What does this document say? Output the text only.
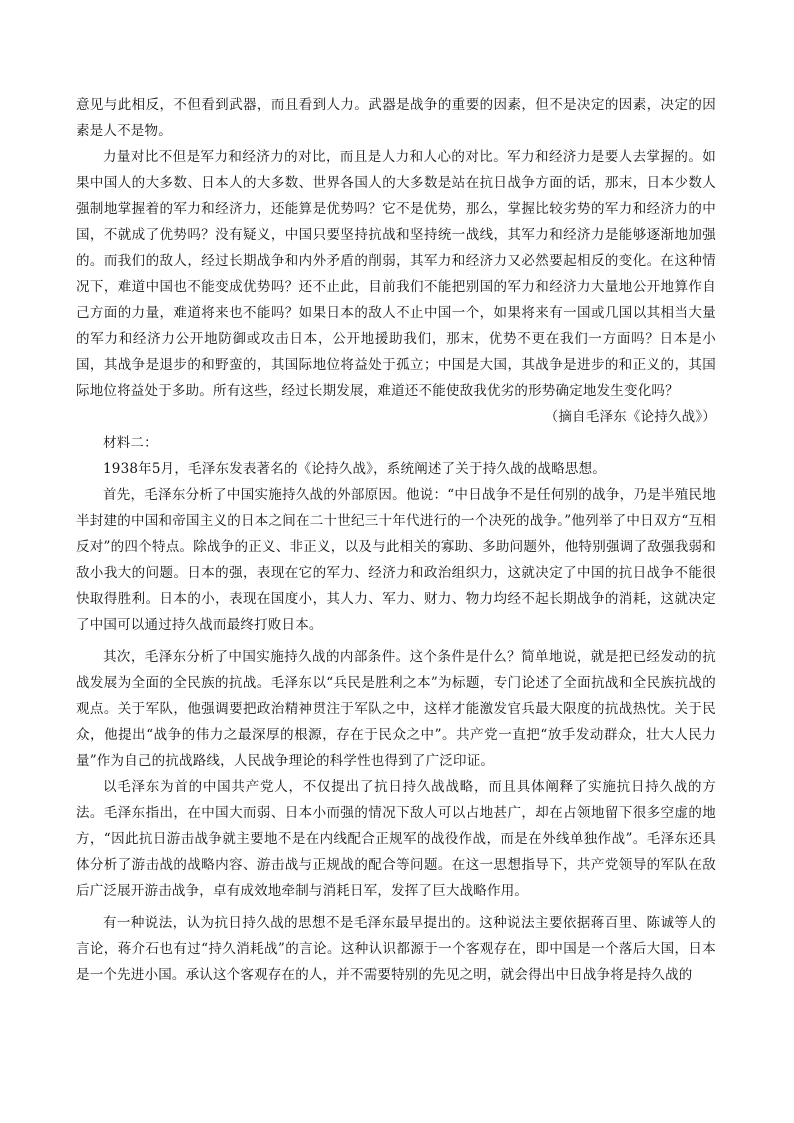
意见与此相反，不但看到武器，而且看到人力。武器是战争的重要的因素，但不是决定的因素，决定的因素是人不是物。

力量对比不但是军力和经济力的对比，而且是人力和人心的对比。军力和经济力是要人去掌握的。如果中国人的大多数、日本人的大多数、世界各国人的大多数是站在抗日战争方面的话，那末，日本少数人强制地掌握着的军力和经济力，还能算是优势吗？它不是优势，那么，掌握比较劣势的军力和经济力的中国，不就成了优势吗？没有疑义，中国只要坚持抗战和坚持统一战线，其军力和经济力是能够逐渐地加强的。而我们的敌人，经过长期战争和内外矛盾的削弱，其军力和经济力又必然要起相反的变化。在这种情况下，难道中国也不能变成优势吗？还不止此，目前我们不能把别国的军力和经济力大量地公开地算作自己方面的力量，难道将来也不能吗？如果日本的敌人不止中国一个，如果将来有一国或几国以其相当大量的军力和经济力公开地防御或攻击日本，公开地援助我们，那末，优势不更在我们一方面吗？日本是小国，其战争是退步的和野蛮的，其国际地位将益处于孤立；中国是大国，其战争是进步的和正义的，其国际地位将益处于多助。所有这些，经过长期发展，难道还不能使敌我优劣的形势确定地发生变化吗？

（摘自毛泽东《论持久战》）

材料二：

1938年5月，毛泽东发表著名的《论持久战》，系统阐述了关于持久战的战略思想。

首先，毛泽东分析了中国实施持久战的外部原因。他说：“中日战争不是任何别的战争，乃是半殖民地半封建的中国和帝国主义的日本之间在二十世纪三十年代进行的一个决死的战争。”他列举了中日双方“互相反对”的四个特点。除战争的正义、非正义，以及与此相关的寡助、多助问题外，他特别强调了敌强我弱和敌小我大的问题。日本的强，表现在它的军力、经济力和政治组织力，这就决定了中国的抗日战争不能很快取得胜利。日本的小，表现在国度小，其人力、军力、财力、物力均经不起长期战争的消耗，这就决定了中国可以通过持久战而最终打败日本。

其次，毛泽东分析了中国实施持久战的内部条件。这个条件是什么？简单地说，就是把已经发动的抗战发展为全面的全民族的抗战。毛泽东以“兵民是胜利之本”为标题，专门论述了全面抗战和全民族抗战的观点。关于军队，他强调要把政治精神贯注于军队之中，这样才能激发官兵最大限度的抗战热忱。关于民众，他提出“战争的伟力之最深厚的根源，存在于民众之中”。共产党一直把“放手发动群众，壮大人民力量”作为自己的抗战路线，人民战争理论的科学性也得到了广泛印证。

以毛泽东为首的中国共产党人，不仅提出了抗日持久战战略，而且具体阐释了实施抗日持久战的方法。毛泽东指出，在中国大而弱、日本小而强的情况下敌人可以占地甚广，却在占领地留下很多空虚的地方，“因此抗日游击战争就主要地不是在内线配合正规军的战役作战，而是在外线单独作战”。毛泽东还具体分析了游击战的战略内容、游击战与正规战的配合等问题。在这一思想指导下，共产党领导的军队在敌后广泛展开游击战争，卓有成效地牵制与消耗日军，发挥了巨大战略作用。

有一种说法，认为抗日持久战的思想不是毛泽东最早提出的。这种说法主要依据蒋百里、陈诚等人的言论，蒋介石也有过“持久消耗战”的言论。这种认识都源于一个客观存在，即中国是一个落后大国，日本是一个先进小国。承认这个客观存在的人，并不需要特别的先见之明，就会得出中日战争将是持久战的
